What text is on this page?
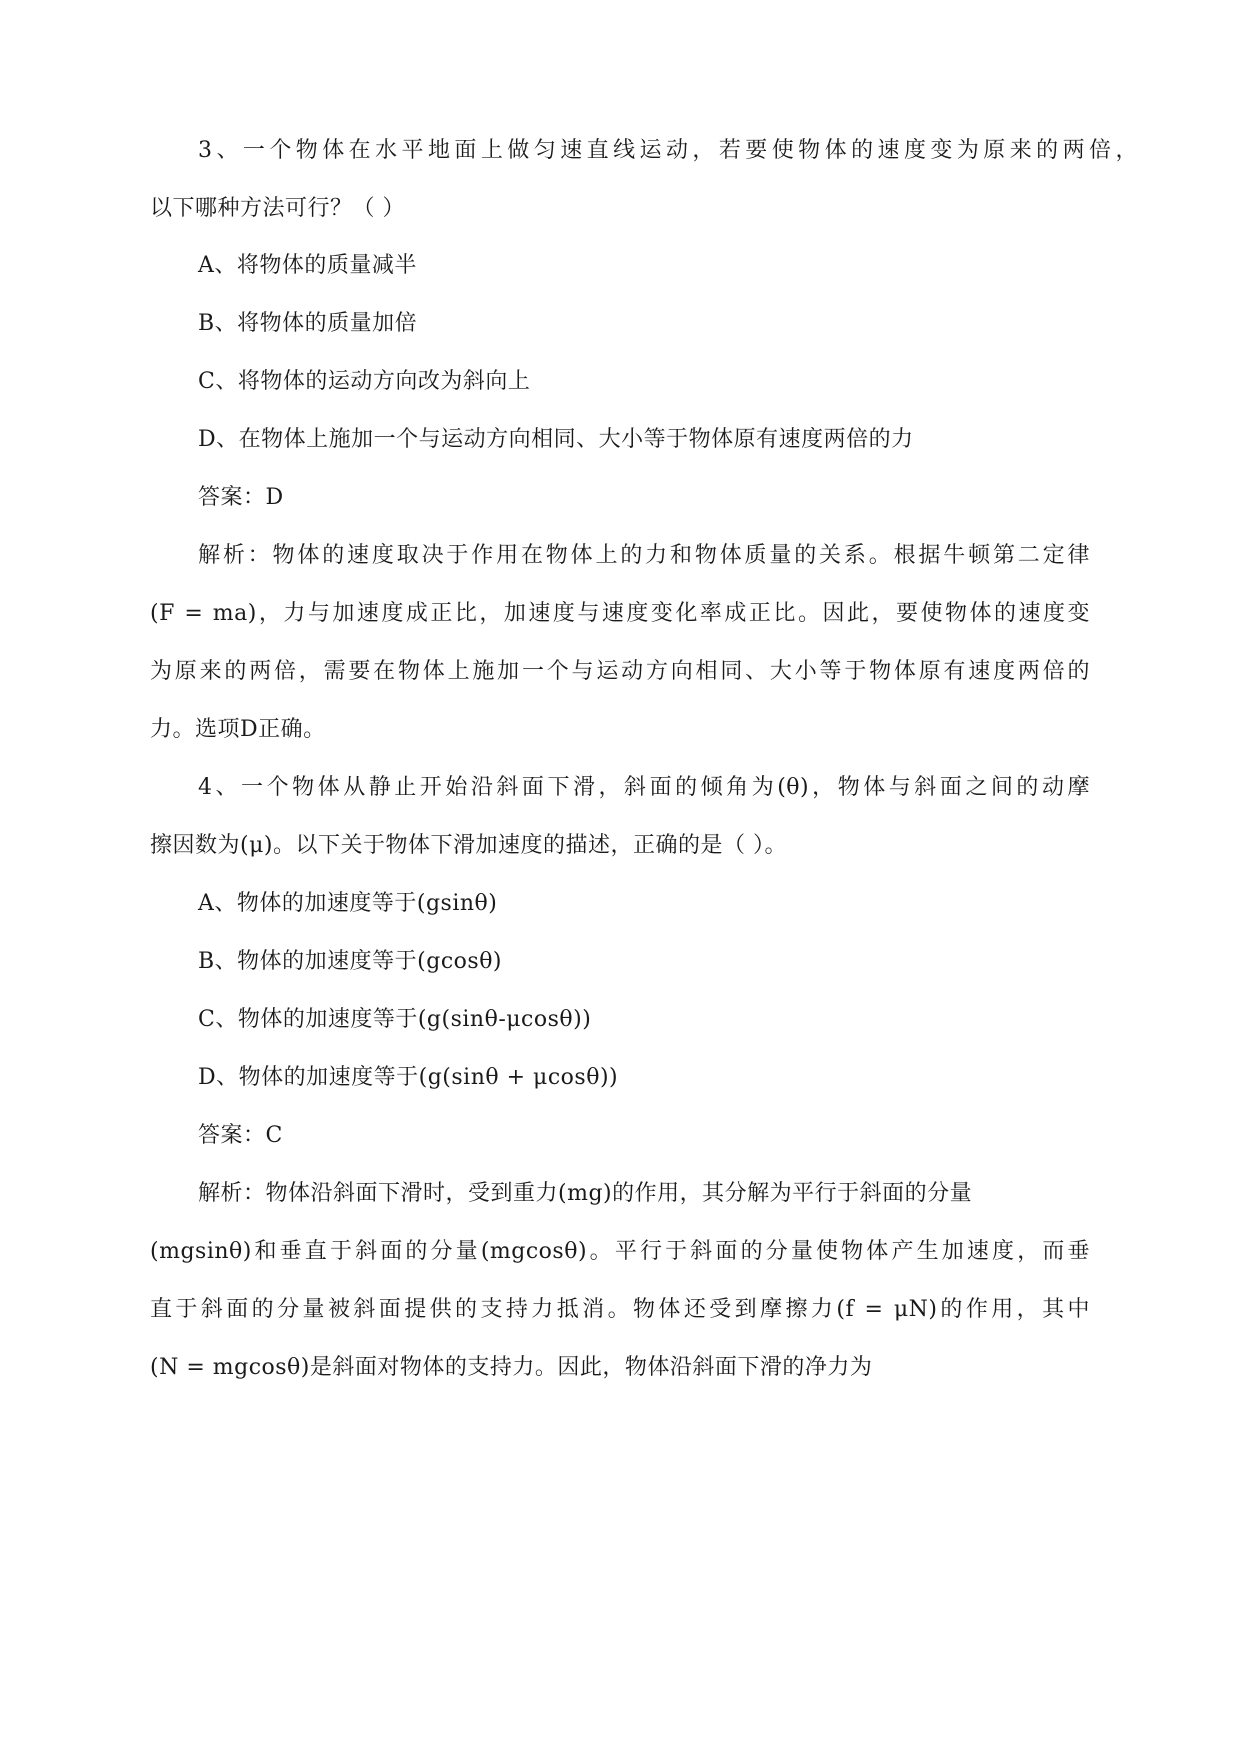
3、一个物体在水平地面上做匀速直线运动，若要使物体的速度变为原来的两倍，
以下哪种方法可行？（ ）
A、将物体的质量减半
B、将物体的质量加倍
C、将物体的运动方向改为斜向上
D、在物体上施加一个与运动方向相同、大小等于物体原有速度两倍的力
答案：D
解析：物体的速度取决于作用在物体上的力和物体质量的关系。根据牛顿第二定律
(F = ma)，力与加速度成正比，加速度与速度变化率成正比。因此，要使物体的速度变
为原来的两倍，需要在物体上施加一个与运动方向相同、大小等于物体原有速度两倍的
力。选项D正确。
4、一个物体从静止开始沿斜面下滑，斜面的倾角为(θ)，物体与斜面之间的动摩
擦因数为(μ)。以下关于物体下滑加速度的描述，正确的是（ ）。
A、物体的加速度等于(gsinθ)
B、物体的加速度等于(gcosθ)
C、物体的加速度等于(g(sinθ-μcosθ))
D、物体的加速度等于(g(sinθ + μcosθ))
答案：C
解析：物体沿斜面下滑时，受到重力(mg)的作用，其分解为平行于斜面的分量
(mgsinθ)和垂直于斜面的分量(mgcosθ)。平行于斜面的分量使物体产生加速度，而垂
直于斜面的分量被斜面提供的支持力抵消。物体还受到摩擦力(f = μN)的作用，其中
(N = mgcosθ)是斜面对物体的支持力。因此，物体沿斜面下滑的净力为
